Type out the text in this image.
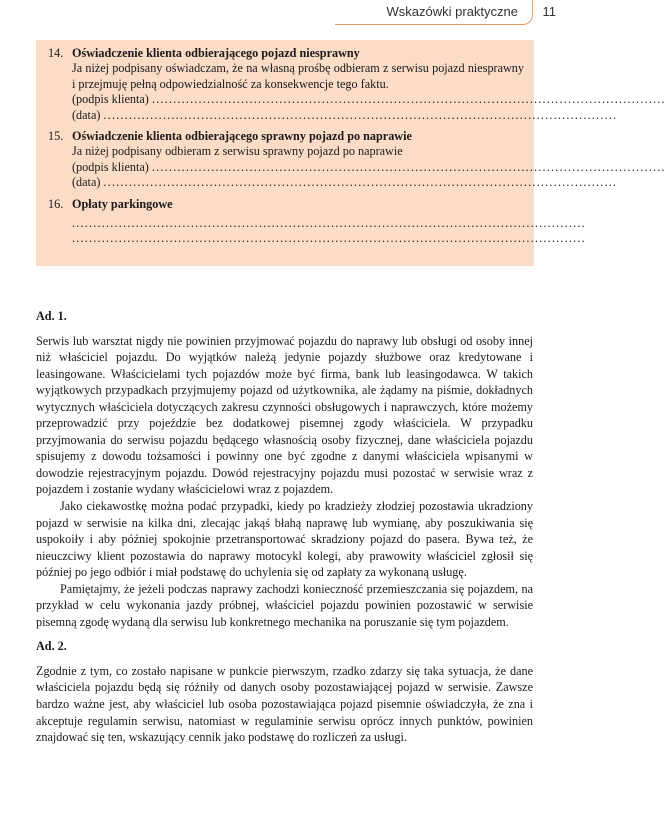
Wskazówki praktyczne 11
14. Oświadczenie klienta odbierającego pojazd niesprawny
Ja niżej podpisany oświadczam, że na własną prośbę odbieram z serwisu pojazd niesprawny i przejmuję pełną odpowiedzialność za konsekwencje tego faktu.
(podpis klienta) .........................................................................................................................
(data) .........................................................................................................................
15. Oświadczenie klienta odbierającego sprawny pojazd po naprawie
Ja niżej podpisany odbieram z serwisu sprawny pojazd po naprawie
(podpis klienta) .........................................................................................................................
(data) .........................................................................................................................
16. Opłaty parkingowe
.........................................................................................................................
.........................................................................................................................

Ad. 1.

Serwis lub warsztat nigdy nie powinien przyjmować pojazdu do naprawy lub obsługi od osoby innej niż właściciel pojazdu. Do wyjątków należą jedynie pojazdy służbowe oraz kredytowane i leasingowane. Właścicielami tych pojazdów może być firma, bank lub leasingodawca. W takich wyjątkowych przypadkach przyjmujemy pojazd od użytkownika, ale żądamy na piśmie, dokładnych wytycznych właściciela dotyczących zakresu czynności obsługowych i naprawczych, które możemy przeprowadzić przy pojeździe bez dodatkowej pisemnej zgody właściciela. W przypadku przyjmowania do serwisu pojazdu będącego własnością osoby fizycznej, dane właściciela pojazdu spisujemy z dowodu tożsamości i powinny one być zgodne z danymi właściciela wpisanymi w dowodzie rejestracyjnym pojazdu. Dowód rejestracyjny pojazdu musi pozostać w serwisie wraz z pojazdem i zostanie wydany właścicielowi wraz z pojazdem.

Jako ciekawostkę można podać przypadki, kiedy po kradzieży złodziej pozostawia ukradziony pojazd w serwisie na kilka dni, zlecając jakąś błahą naprawę lub wymianę, aby poszukiwania się uspokoiły i aby później spokojnie przetransportować skradziony pojazd do pasera. Bywa też, że nieuczciwy klient pozostawia do naprawy motocykl kolegi, aby prawowity właściciel zgłosił się później po jego odbiór i miał podstawę do uchylenia się od zapłaty za wykonaną usługę.

Pamiętajmy, że jeżeli podczas naprawy zachodzi konieczność przemieszczania się pojazdem, na przykład w celu wykonania jazdy próbnej, właściciel pojazdu powinien pozostawić w serwisie pisemną zgodę wydaną dla serwisu lub konkretnego mechanika na poruszanie się tym pojazdem.

Ad. 2.

Zgodnie z tym, co zostało napisane w punkcie pierwszym, rzadko zdarzy się taka sytuacja, że dane właściciela pojazdu będą się różniły od danych osoby pozostawiającej pojazd w serwisie. Zawsze bardzo ważne jest, aby właściciel lub osoba pozostawiająca pojazd pisemnie oświadczyła, że zna i akceptuje regulamin serwisu, natomiast w regulaminie serwisu oprócz innych punktów, powinien znajdować się ten, wskazujący cennik jako podstawę do rozliczeń za usługi.
